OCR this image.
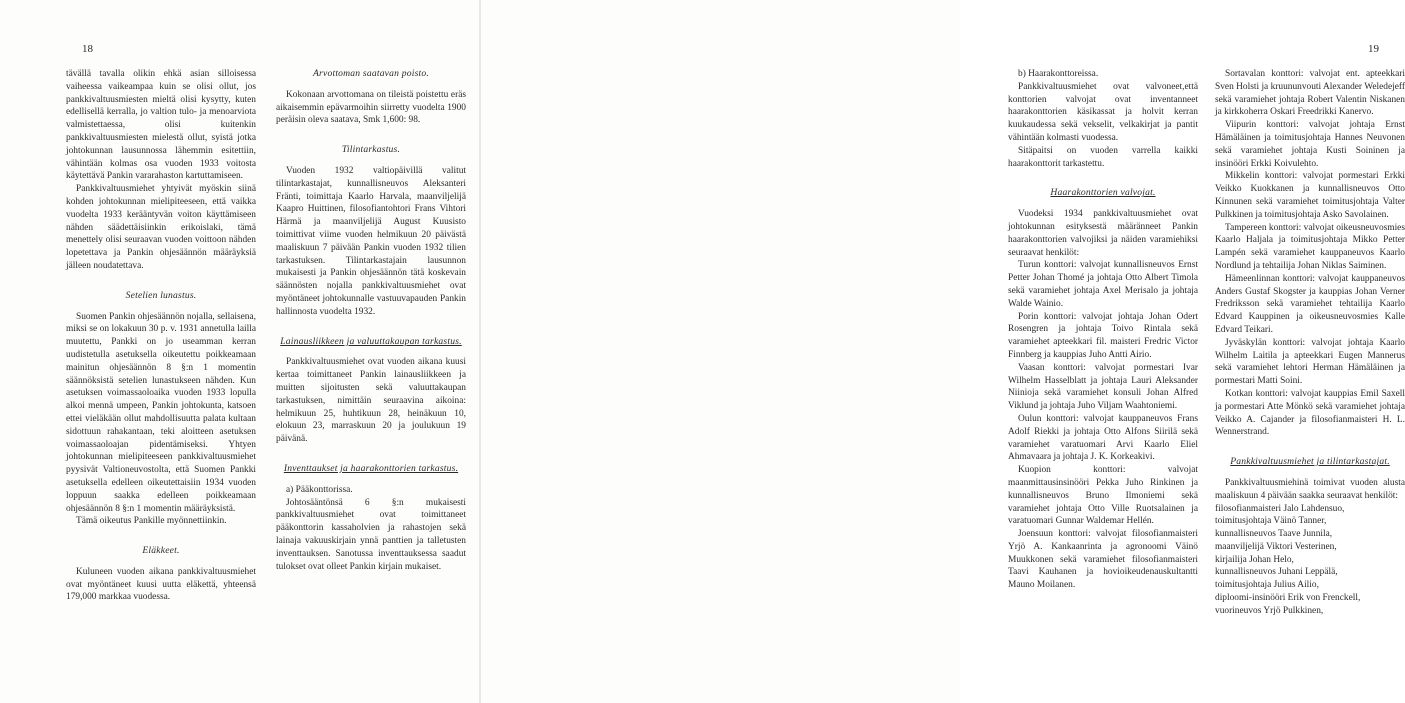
18

tävällä tavalla olikin ehkä asian silloisessa vaiheessa vaikeampaa kuin se olisi ollut, jos pankkivaltuusmiesten mieltä olisi kysytty, kuten edellisellä kerralla, jo valtion tulo- ja menoarviota valmistettaessa, olisi kuitenkin pankkivaltuusmiesten mielestä ollut, syistä jotka johtokunnan lausunnossa lähemmin esitettiin, vähintään kolmas osa vuoden 1933 voitosta käytettävä Pankin vararahaston kartuttamiseen.

Pankkivaltuusmiehet yhtyivät myöskin siinä kohden johtokunnan mielipiteeseen, että vaikka vuodelta 1933 kerääntyvän voiton käyttämiseen nähden säädettäisiinkin erikoislaki, tämä menettely olisi seuraavan vuoden voittoon nähden lopetettava ja Pankin ohjesäännön määräyksiä jälleen noudatettava.

Setelien lunastus.

Suomen Pankin ohjesäännön nojalla, sellaisena, miksi se on lokakuun 30 p. v. 1931 annetulla lailla muutettu, Pankki on jo useamman kerran uudistetulla asetuksella oikeutettu poikkeamaan mainitun ohjesäännön 8 §:n 1 momentin säännöksistä setelien lunastukseen nähden. Kun asetuksen voimassaoloaika vuoden 1933 lopulla alkoi mennä umpeen, Pankin johtokunta, katsoen ettei vieläkään ollut mahdollisuutta palata kultaan sidottuun rahakantaan, teki aloitteen asetuksen voimassaoloajan pidentämiseksi. Yhtyen johtokunnan mielipiteeseen pankkivaltuusmiehet pyysivät Valtioneuvostolta, että Suomen Pankki asetuksella edelleen oikeutettaisiin 1934 vuoden loppuun saakka edelleen poikkeamaan ohjesäännön 8 §:n 1 momentin määräyksistä.

Tämä oikeutus Pankille myönnettiinkin.

Eläkkeet.

Kuluneen vuoden aikana pankkivaltuusmiehet ovat myöntäneet kuusi uutta eläkettä, yhteensä 179,000 markkaa vuodessa.

Arvottoman saatavan poisto.

Kokonaan arvottomana on tileistä poistettu eräs aikaisemmin epävarmoihin siirretty vuodelta 1900 peräisin oleva saatava, Smk 1,600: 98.

Tilintarkastus.

Vuoden 1932 valtiopäivillä valitut tilintarkastajat, kunnallisneuvos Aleksanteri Fränti, toimittaja Kaarlo Harvala, maanviljelijä Kaapro Huittinen, filosofiantohtori Frans Vihtori Härmä ja maanviljelijä August Kuusisto toimittivat viime vuoden helmikuun 20 päivästä maaliskuun 7 päivään Pankin vuoden 1932 tilien tarkastuksen. Tilintarkastajain lausunnon mukaisesti ja Pankin ohjesäännön tätä koskevain säännösten nojalla pankkivaltuusmiehet ovat myöntäneet johtokunnalle vastuuvapauden Pankin hallinnosta vuodelta 1932.

Lainausliikkeen ja valuuttakaupan tarkastus.

Pankkivaltuusmiehet ovat vuoden aikana kuusi kertaa toimittaneet Pankin lainausliikkeen ja muitten sijoitusten sekä valuuttakaupan tarkastuksen, nimittäin seuraavina aikoina: helmikuun 25, huhtikuun 28, heinäkuun 10, elokuun 23, marraskuun 20 ja joulukuun 19 päivänä.

Inventtaukset ja haarakonttorien tarkastus.

a) Pääkonttorissa.

Johtosääntönsä 6 §:n mukaisesti pankkivaltuusmiehet ovat toimittaneet pääkonttorin kassaholvien ja rahastojen sekä lainaja vakuuskirjain ynnä panttien ja talletusten inventtauksen. Sanotussa inventtauksessa saadut tulokset ovat olleet Pankin kirjain mukaiset.

19

b) Haarakonttoreissa.

Pankkivaltuusmiehet ovat valvoneet,että konttorien valvojat ovat inventanneet haarakonttorien käsikassat ja holvit kerran kuukaudessa sekä vekselit, velkakirjat ja pantit vähintään kolmasti vuodessa.

Sitäpaitsi on vuoden varrella kaikki haarakonttorit tarkastettu.

Haarakonttorien valvojat.

Vuodeksi 1934 pankkivaltuusmiehet ovat johtokunnan esityksestä määränneet Pankin haarakonttorien valvojiksi ja näiden varamiehiksi seuraavat henkilöt:

Turun konttori: valvojat kunnallisneuvos Ernst Petter Johan Thomé ja johtaja Otto Albert Timola sekä varamiehet johtaja Axel Merisalo ja johtaja Walde Wainio.

Porin konttori: valvojat johtaja Johan Odert Rosengren ja johtaja Toivo Rintala sekä varamiehet apteekkari fil. maisteri Fredric Victor Finnberg ja kauppias Juho Antti Airio.

Vaasan konttori: valvojat pormestari Ivar Wilhelm Hasselblatt ja johtaja Lauri Aleksander Niinioja sekä varamiehet konsuli Johan Alfred Viklund ja johtaja Juho Viljam Waahtoniemi.

Oulun konttori: valvojat kauppaneuvos Frans Adolf Riekki ja johtaja Otto Alfons Siirilä sekä varamiehet varatuomari Arvi Kaarlo Eliel Ahmavaara ja johtaja J. K. Korkeakivi.

Kuopion konttori: valvojat maanmittausinsinööri Pekka Juho Rinkinen ja kunnallisneuvos Bruno Ilmoniemi sekä varamiehet johtaja Otto Ville Ruotsalainen ja varatuomari Gunnar Waldemar Hellén.

Joensuun konttori: valvojat filosofianmaisteri Yrjö A. Kankaanrinta ja agronoomi Väinö Muukkonen sekä varamiehet filosofianmaisteri Taavi Kauhanen ja hovioikeudenauskultantti Mauno Moilanen.

Sortavalan konttori: valvojat ent. apteekkari Sven Holsti ja kruununvouti Alexander Weledejeff sekä varamiehet johtaja Robert Valentin Niskanen ja kirkkoherra Oskari Freedrikki Kanervo.

Viipurin konttori: valvojat johtaja Ernst Hämäläinen ja toimitusjohtaja Hannes Neuvonen sekä varamiehet johtaja Kusti Soininen ja insinööri Erkki Koivulehto.

Mikkelin konttori: valvojat pormestari Erkki Veikko Kuokkanen ja kunnallisneuvos Otto Kinnunen sekä varamiehet toimitusjohtaja Valter Pulkkinen ja toimitusjohtaja Asko Savolainen.

Tampereen konttori: valvojat oikeusneuvosmies Kaarlo Haljala ja toimitusjohtaja Mikko Petter Lampén sekä varamiehet kauppaneuvos Kaarlo Nordlund ja tehtailija Johan Niklas Saiminen.

Hämeenlinnan konttori: valvojat kauppaneuvos Anders Gustaf Skogster ja kauppias Johan Verner Fredriksson sekä varamiehet tehtailija Kaarlo Edvard Kauppinen ja oikeusneuvosmies Kalle Edvard Teikari.

Jyväskylän konttori: valvojat johtaja Kaarlo Wilhelm Laitila ja apteekkari Eugen Mannerus sekä varamiehet lehtori Herman Hämäläinen ja pormestari Matti Soini.

Kotkan konttori: valvojat kauppias Emil Saxell ja pormestari Atte Mönkö sekä varamiehet johtaja Veikko A. Cajander ja filosofianmaisteri H. L. Wennerstrand.

Pankkivaltuusmiehet ja tilintarkastajat.

Pankkivaltuusmiehinä toimivat vuoden alusta maaliskuun 4 päivään saakka seuraavat henkilöt:

filosofianmaisteri Jalo Lahdensuo,

toimitusjohtaja Väinö Tanner,

kunnallisneuvos Taave Junnila,

maanviljelijä Viktori Vesterinen,

kirjailija Johan Helo,

kunnallisneuvos Juhani Leppälä,

toimitusjohtaja Julius Ailio,

diploomi-insinööri Erik von Frenckell,

vuorineuvos Yrjö Pulkkinen,
